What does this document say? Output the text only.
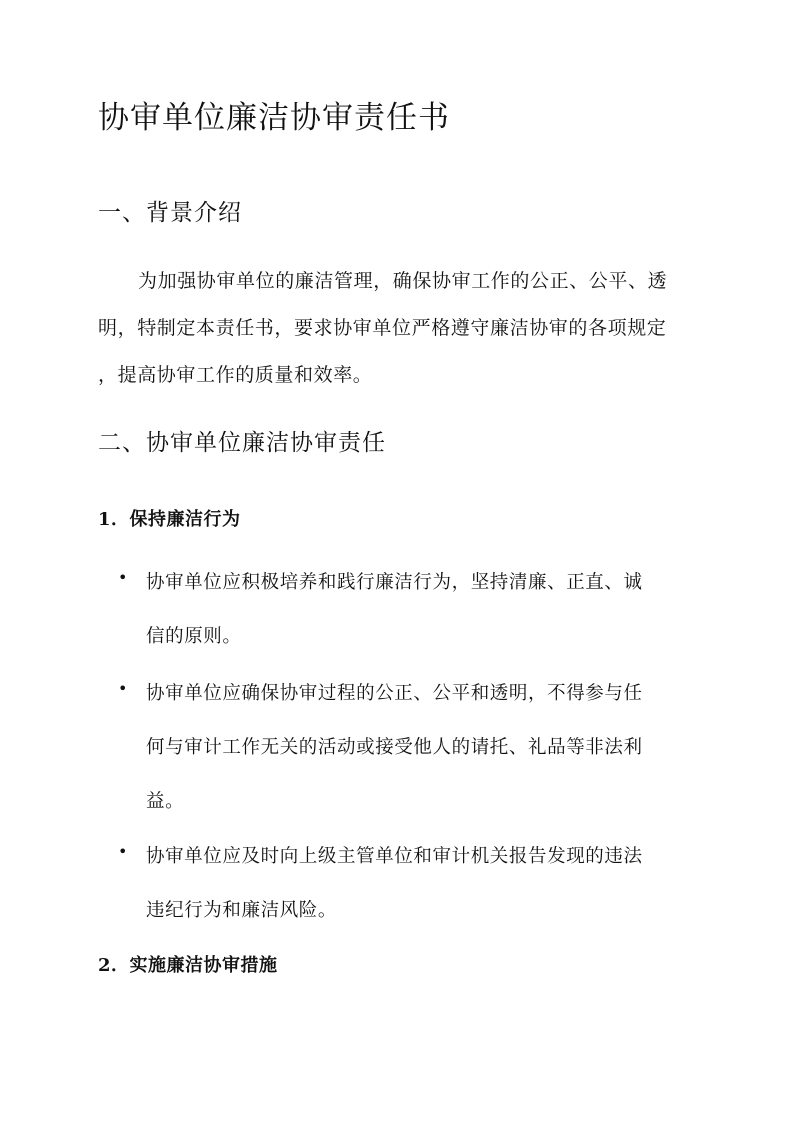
协审单位廉洁协审责任书
一、背景介绍

为加强协审单位的廉洁管理，确保协审工作的公正、公平、透
明，特制定本责任书，要求协审单位严格遵守廉洁协审的各项规定
，提高协审工作的质量和效率。

二、协审单位廉洁协审责任
1．保持廉洁行为
• 协审单位应积极培养和践行廉洁行为，坚持清廉、正直、诚
信的原则。
• 协审单位应确保协审过程的公正、公平和透明，不得参与任
何与审计工作无关的活动或接受他人的请托、礼品等非法利
益。
• 协审单位应及时向上级主管单位和审计机关报告发现的违法
违纪行为和廉洁风险。
2．实施廉洁协审措施
